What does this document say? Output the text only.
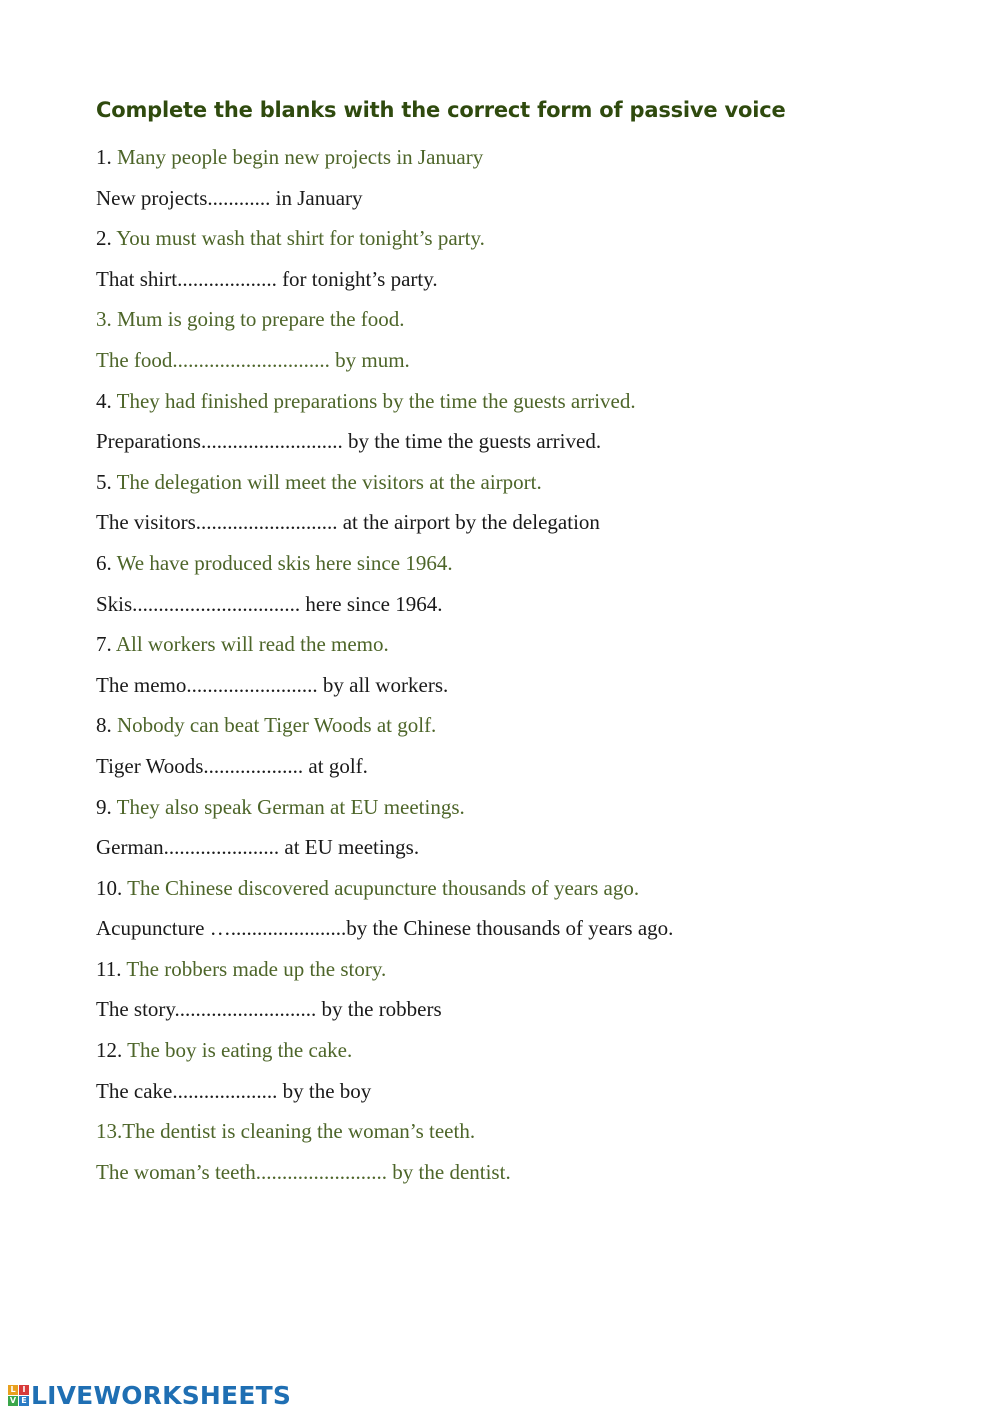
Complete the blanks with the correct form of passive voice
1. Many people begin new projects in January
New projects............ in January
2. You must wash that shirt for tonight’s party.
That shirt................... for tonight’s party.
3. Mum is going to prepare the food.
The food.............................. by mum.
4. They had finished preparations by the time the guests arrived.
Preparations........................... by the time the guests arrived.
5. The delegation will meet the visitors at the airport.
The visitors........................... at the airport by the delegation
6. We have produced skis here since 1964.
Skis................................ here since 1964.
7. All workers will read the memo.
The memo......................... by all workers.
8. Nobody can beat Tiger Woods at golf.
Tiger Woods................... at golf.
9. They also speak German at EU meetings.
German...................... at EU meetings.
10. The Chinese discovered acupuncture thousands of years ago.
Acupuncture …......................by the Chinese thousands of years ago.
11. The robbers made up the story.
The story........................... by the robbers
12. The boy is eating the cake.
The cake.................... by the boy
13.The dentist is cleaning the woman’s teeth.
The woman’s teeth......................... by the dentist.
L I
V E LIVEWORKSHEETS
